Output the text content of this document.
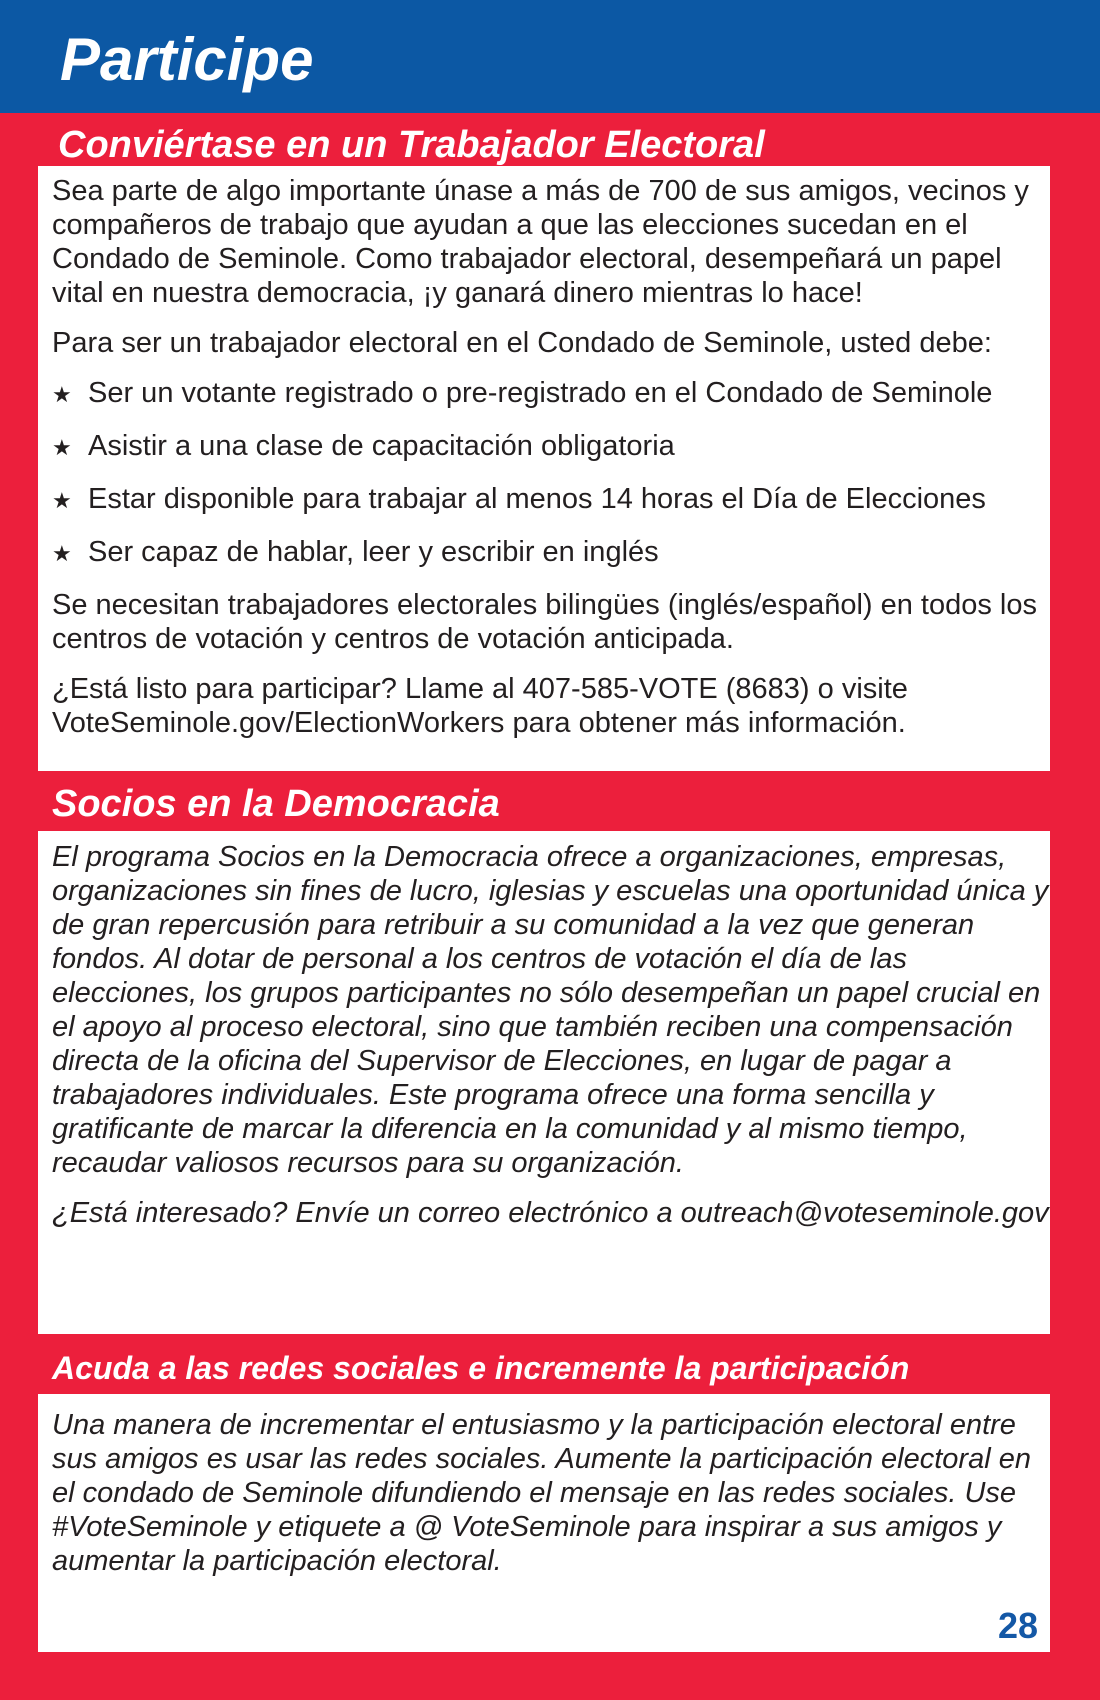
Participe
Conviértase en un Trabajador Electoral

Sea parte de algo importante únase a más de 700 de sus amigos, vecinos y compañeros de trabajo que ayudan a que las elecciones sucedan en el Condado de Seminole. Como trabajador electoral, desempeñará un papel vital en nuestra democracia, ¡y ganará dinero mientras lo hace!

Para ser un trabajador electoral en el Condado de Seminole, usted debe:

★ Ser un votante registrado o pre-registrado en el Condado de Seminole
★ Asistir a una clase de capacitación obligatoria
★ Estar disponible para trabajar al menos 14 horas el Día de Elecciones
★ Ser capaz de hablar, leer y escribir en inglés

Se necesitan trabajadores electorales bilingües (inglés/español) en todos los centros de votación y centros de votación anticipada.

¿Está listo para participar? Llame al 407-585-VOTE (8683) o visite VoteSeminole.gov/ElectionWorkers para obtener más información.

Socios en la Democracia

El programa Socios en la Democracia ofrece a organizaciones, empresas, organizaciones sin fines de lucro, iglesias y escuelas una oportunidad única y de gran repercusión para retribuir a su comunidad a la vez que generan fondos. Al dotar de personal a los centros de votación el día de las elecciones, los grupos participantes no sólo desempeñan un papel crucial en el apoyo al proceso electoral, sino que también reciben una compensación directa de la oficina del Supervisor de Elecciones, en lugar de pagar a trabajadores individuales. Este programa ofrece una forma sencilla y gratificante de marcar la diferencia en la comunidad y al mismo tiempo, recaudar valiosos recursos para su organización.

¿Está interesado? Envíe un correo electrónico a outreach@voteseminole.gov

Acuda a las redes sociales e incremente la participación

Una manera de incrementar el entusiasmo y la participación electoral entre sus amigos es usar las redes sociales. Aumente la participación electoral en el condado de Seminole difundiendo el mensaje en las redes sociales. Use #VoteSeminole y etiquete a @ VoteSeminole para inspirar a sus amigos y aumentar la participación electoral.

28
